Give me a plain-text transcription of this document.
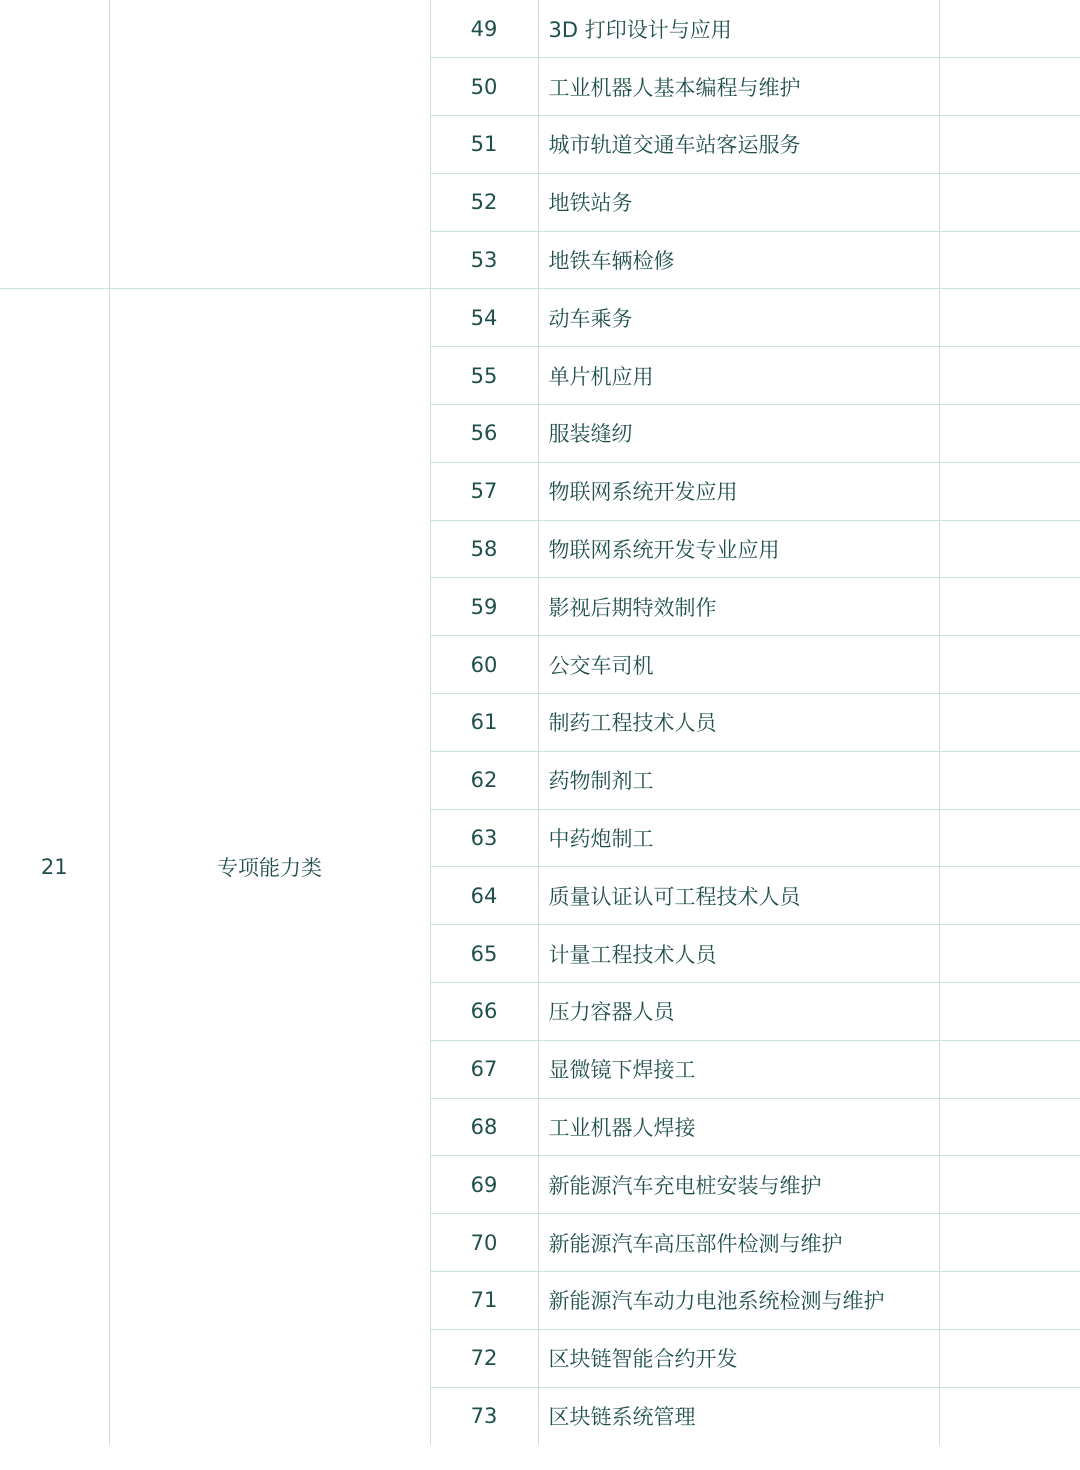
		49	3D 打印设计与应用	
		50	工业机器人基本编程与维护	
		51	城市轨道交通车站客运服务	
		52	地铁站务	
		53	地铁车辆检修	
21	专项能力类	54	动车乘务	
		55	单片机应用	
		56	服装缝纫	
		57	物联网系统开发应用	
		58	物联网系统开发专业应用	
		59	影视后期特效制作	
		60	公交车司机	
		61	制药工程技术人员	
		62	药物制剂工	
		63	中药炮制工	
		64	质量认证认可工程技术人员	
		65	计量工程技术人员	
		66	压力容器人员	
		67	显微镜下焊接工	
		68	工业机器人焊接	
		69	新能源汽车充电桩安装与维护	
		70	新能源汽车高压部件检测与维护	
		71	新能源汽车动力电池系统检测与维护	
		72	区块链智能合约开发	
		73	区块链系统管理	
